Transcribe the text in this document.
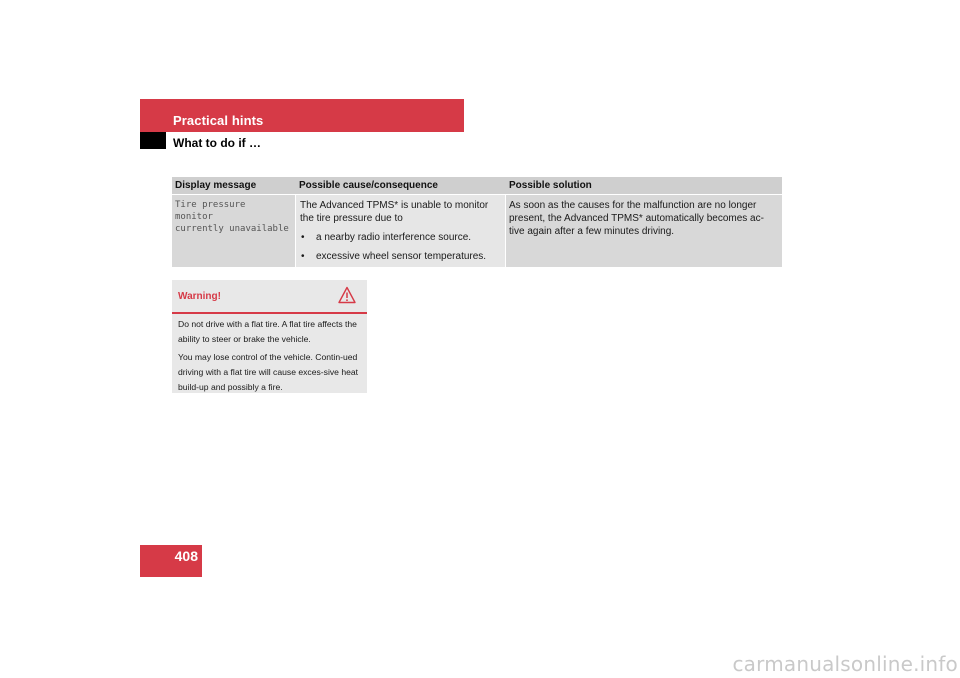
Practical hints
What to do if …
Display message	Possible cause/consequence	Possible solution
Tire pressure
monitor
currently unavailable
The Advanced TPMS* is unable to monitor the tire pressure due to
• a nearby radio interference source.
• excessive wheel sensor temperatures.
As soon as the causes for the malfunction are no longer present, the Advanced TPMS* automatically becomes ac-tive again after a few minutes driving.
Warning!

Do not drive with a flat tire. A flat tire affects the ability to steer or brake the vehicle.

You may lose control of the vehicle. Contin-ued driving with a flat tire will cause exces-sive heat build-up and possibly a fire.

408
carmanualsonline.info
